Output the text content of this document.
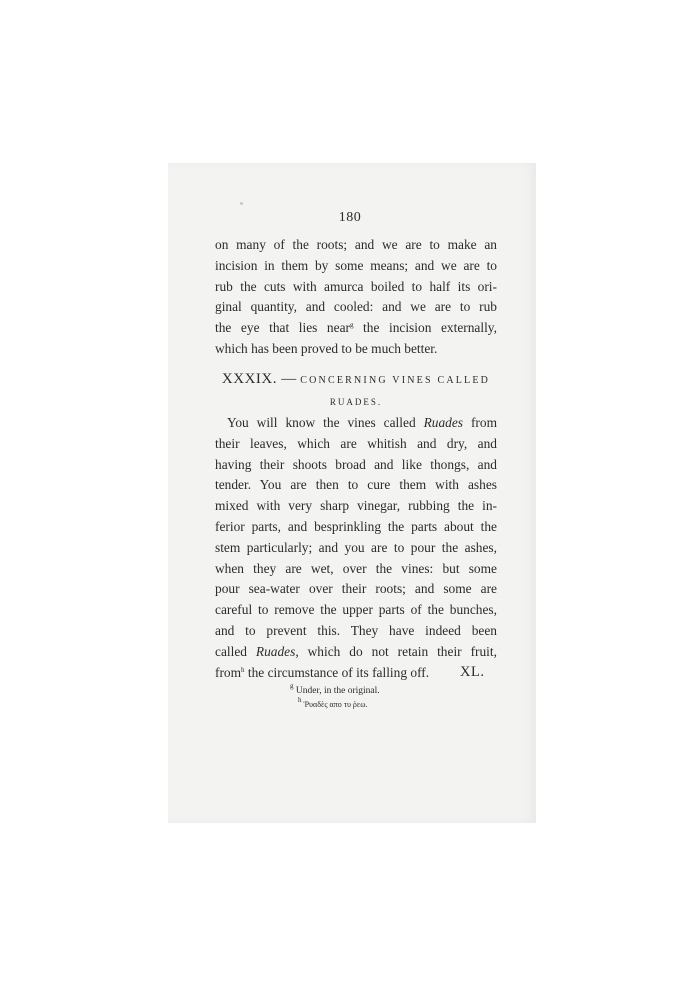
180
on many of the roots; and we are to make an
incision in them by some means; and we are to
rub the cuts with amurca boiled to half its ori-
ginal quantity, and cooled: and we are to rub
the eye that lies near$^g$ the incision externally,
which has been proved to be much better.
XXXIX. — CONCERNING VINES CALLED
RUADES.
You will know the vines called Ruades from
their leaves, which are whitish and dry, and
having their shoots broad and like thongs, and
tender. You are then to cure them with ashes
mixed with very sharp vinegar, rubbing the in-
ferior parts, and besprinkling the parts about the
stem particularly; and you are to pour the ashes,
when they are wet, over the vines: but some
pour sea-water over their roots; and some are
careful to remove the upper parts of the bunches,
and to prevent this. They have indeed been
called Ruades, which do not retain their fruit,
from$^h$ the circumstance of its falling off.	XL.
$^g$ Under, in the original.
$^h$ Ῥυαδὲς απο τυ ῥεω.
